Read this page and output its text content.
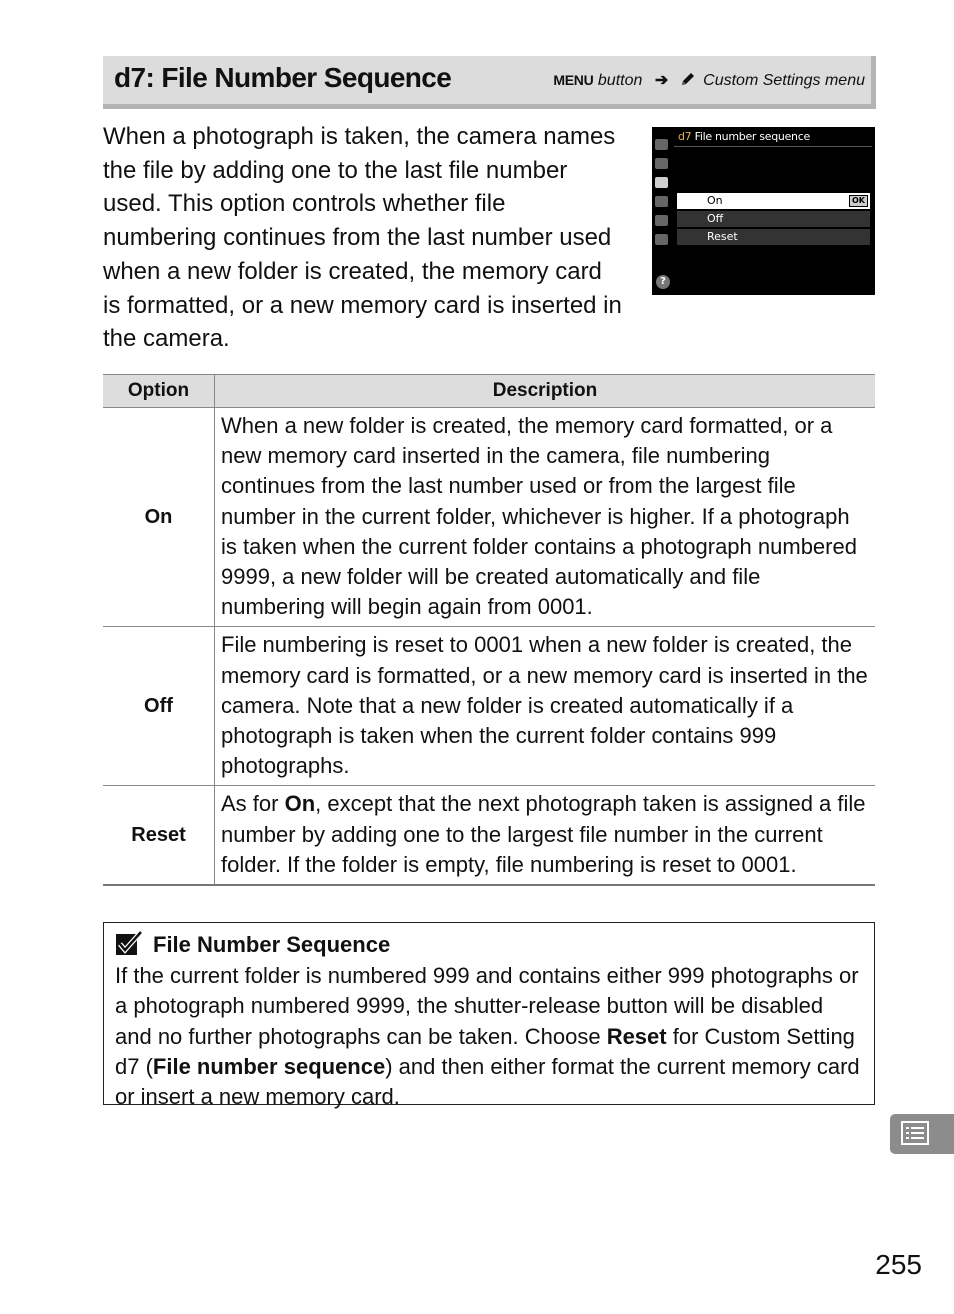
d7: File Number Sequence	MENU button ➔ Custom Settings menu
When a photograph is taken, the camera names the file by adding one to the last file number used. This option controls whether file numbering continues from the last number used when a new folder is created, the memory card is formatted, or a new memory card is inserted in the camera.
?
d7 File number sequence
On	OK
Off
Reset
Option	Description
On	When a new folder is created, the memory card formatted, or a new memory card inserted in the camera, file numbering continues from the last number used or from the largest file number in the current folder, whichever is higher. If a photograph is taken when the current folder contains a photograph numbered 9999, a new folder will be created automatically and file numbering will begin again from 0001.
Off	File numbering is reset to 0001 when a new folder is created, the memory card is formatted, or a new memory card is inserted in the camera. Note that a new folder is created automatically if a photograph is taken when the current folder contains 999 photographs.
Reset	As for On, except that the next photograph taken is assigned a file number by adding one to the largest file number in the current folder. If the folder is empty, file numbering is reset to 0001.
File Number Sequence
If the current folder is numbered 999 and contains either 999 photographs or a photograph numbered 9999, the shutter-release button will be disabled and no further photographs can be taken. Choose Reset for Custom Setting d7 (File number sequence) and then either format the current memory card or insert a new memory card.
255
